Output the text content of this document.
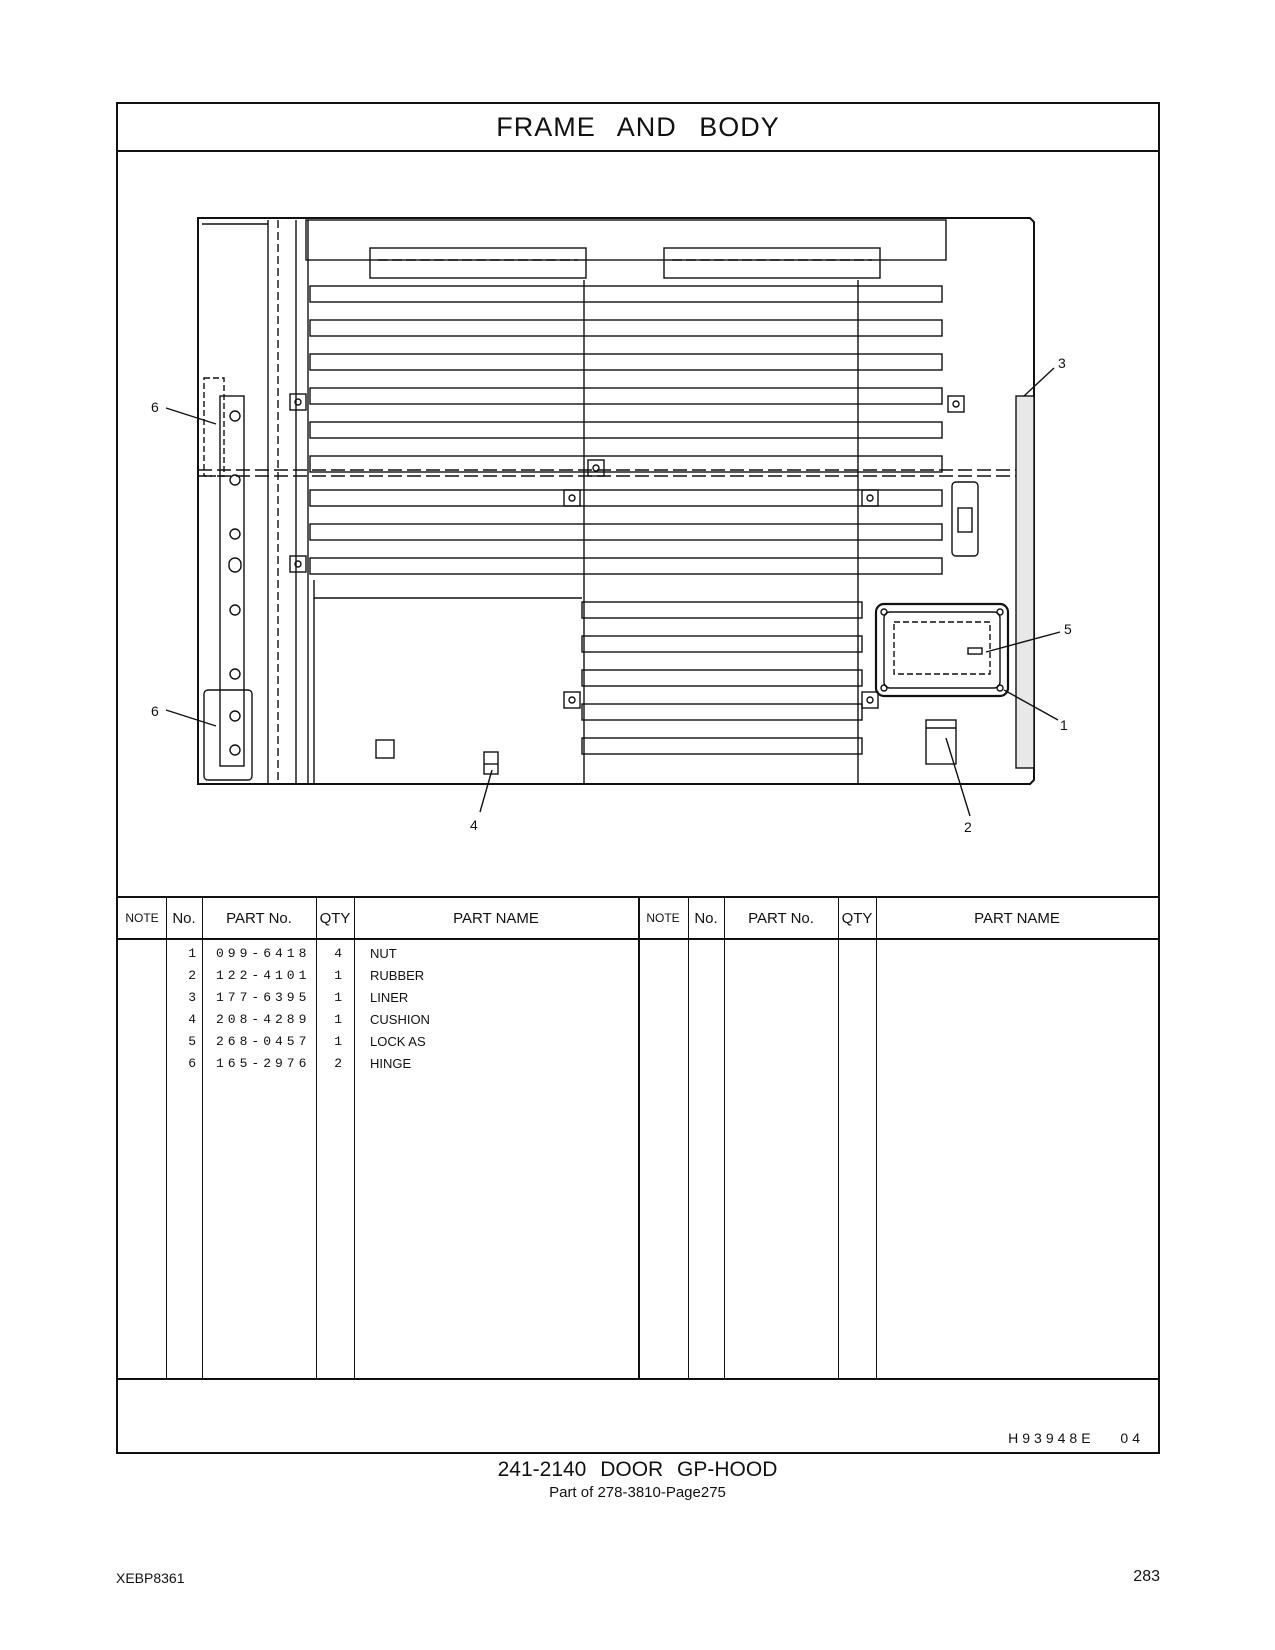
FRAME AND BODY
6
6
3
5
1
2
4
NOTE No.	PART No.	QTY	PART NAME	NOTE No.	PART No.	QTY	PART NAME
1 099-6418	4 NUT
2 122-4101	1 RUBBER
3 177-6395	1 LINER
4 208-4289	1 CUSHION
5 268-0457	1 LOCK AS
6 165-2976	2 HINGE
H93948E 04
241-2140 DOOR GP-HOOD
Part of 278-3810-Page275
XEBP8361	283
